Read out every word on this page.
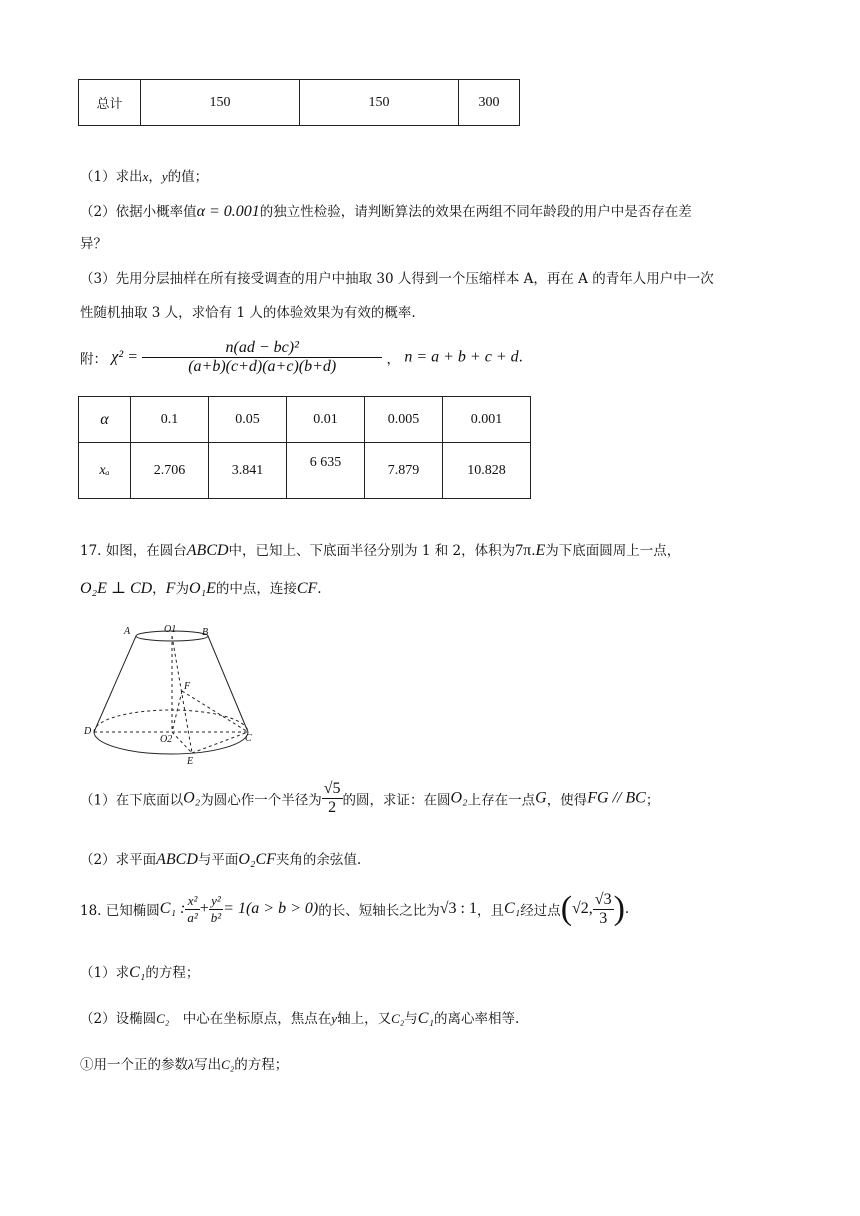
总计	150	150	300
（1）求出x，y的值；
（2）依据小概率值α = 0.001的独立性检验，请判断算法的效果在两组不同年龄段的用户中是否存在差
异？
（3）先用分层抽样在所有接受调查的用户中抽取 30 人得到一个压缩样本 A，再在 A 的青年人用户中一次
性随机抽取 3 人，求恰有 1 人的体验效果为有效的概率.
附： $\chi^2 = \frac{\text{n(ad − bc)²}}{(a+b)(c+d)(a+c)(b+d)}$ ， n = a + b + c + d.
α	0.1	0.05	0.01	0.005	0.001
xₐ	2.706	3.841	6 635	7.879	10.828
17. 如图，在圆台ABCD中，已知上、下底面半径分别为 1 和 2，体积为7π.E为下底面圆周上一点，
O₂E ⊥ CD，F为O₁E的中点，连接CF.
A	O1	B
F
D
O2	C
E
（1）在下底面以O₂为圆心作一个半径为 $\frac{√5}{2}$ 的圆，求证：在圆O₂上存在一点G，使得FG // BC；
（2）求平面ABCD与平面O₂CF夹角的余弦值.
18. 已知椭圆C₁ : $\frac{\text{x²}}{\text{a²}} + \frac{\text{y²}}{\text{b²}} = 1(a > b > 0)$的长、短轴长之比为√3 : 1，且C₁经过点(√2, $\frac{√3}{3}$ ).
（1）求C₁的方程；
（2）设椭圆C₂　中心在坐标原点，焦点在y轴上，又C₂与C₁的离心率相等.
①用一个正的参数λ写出C₂的方程；
